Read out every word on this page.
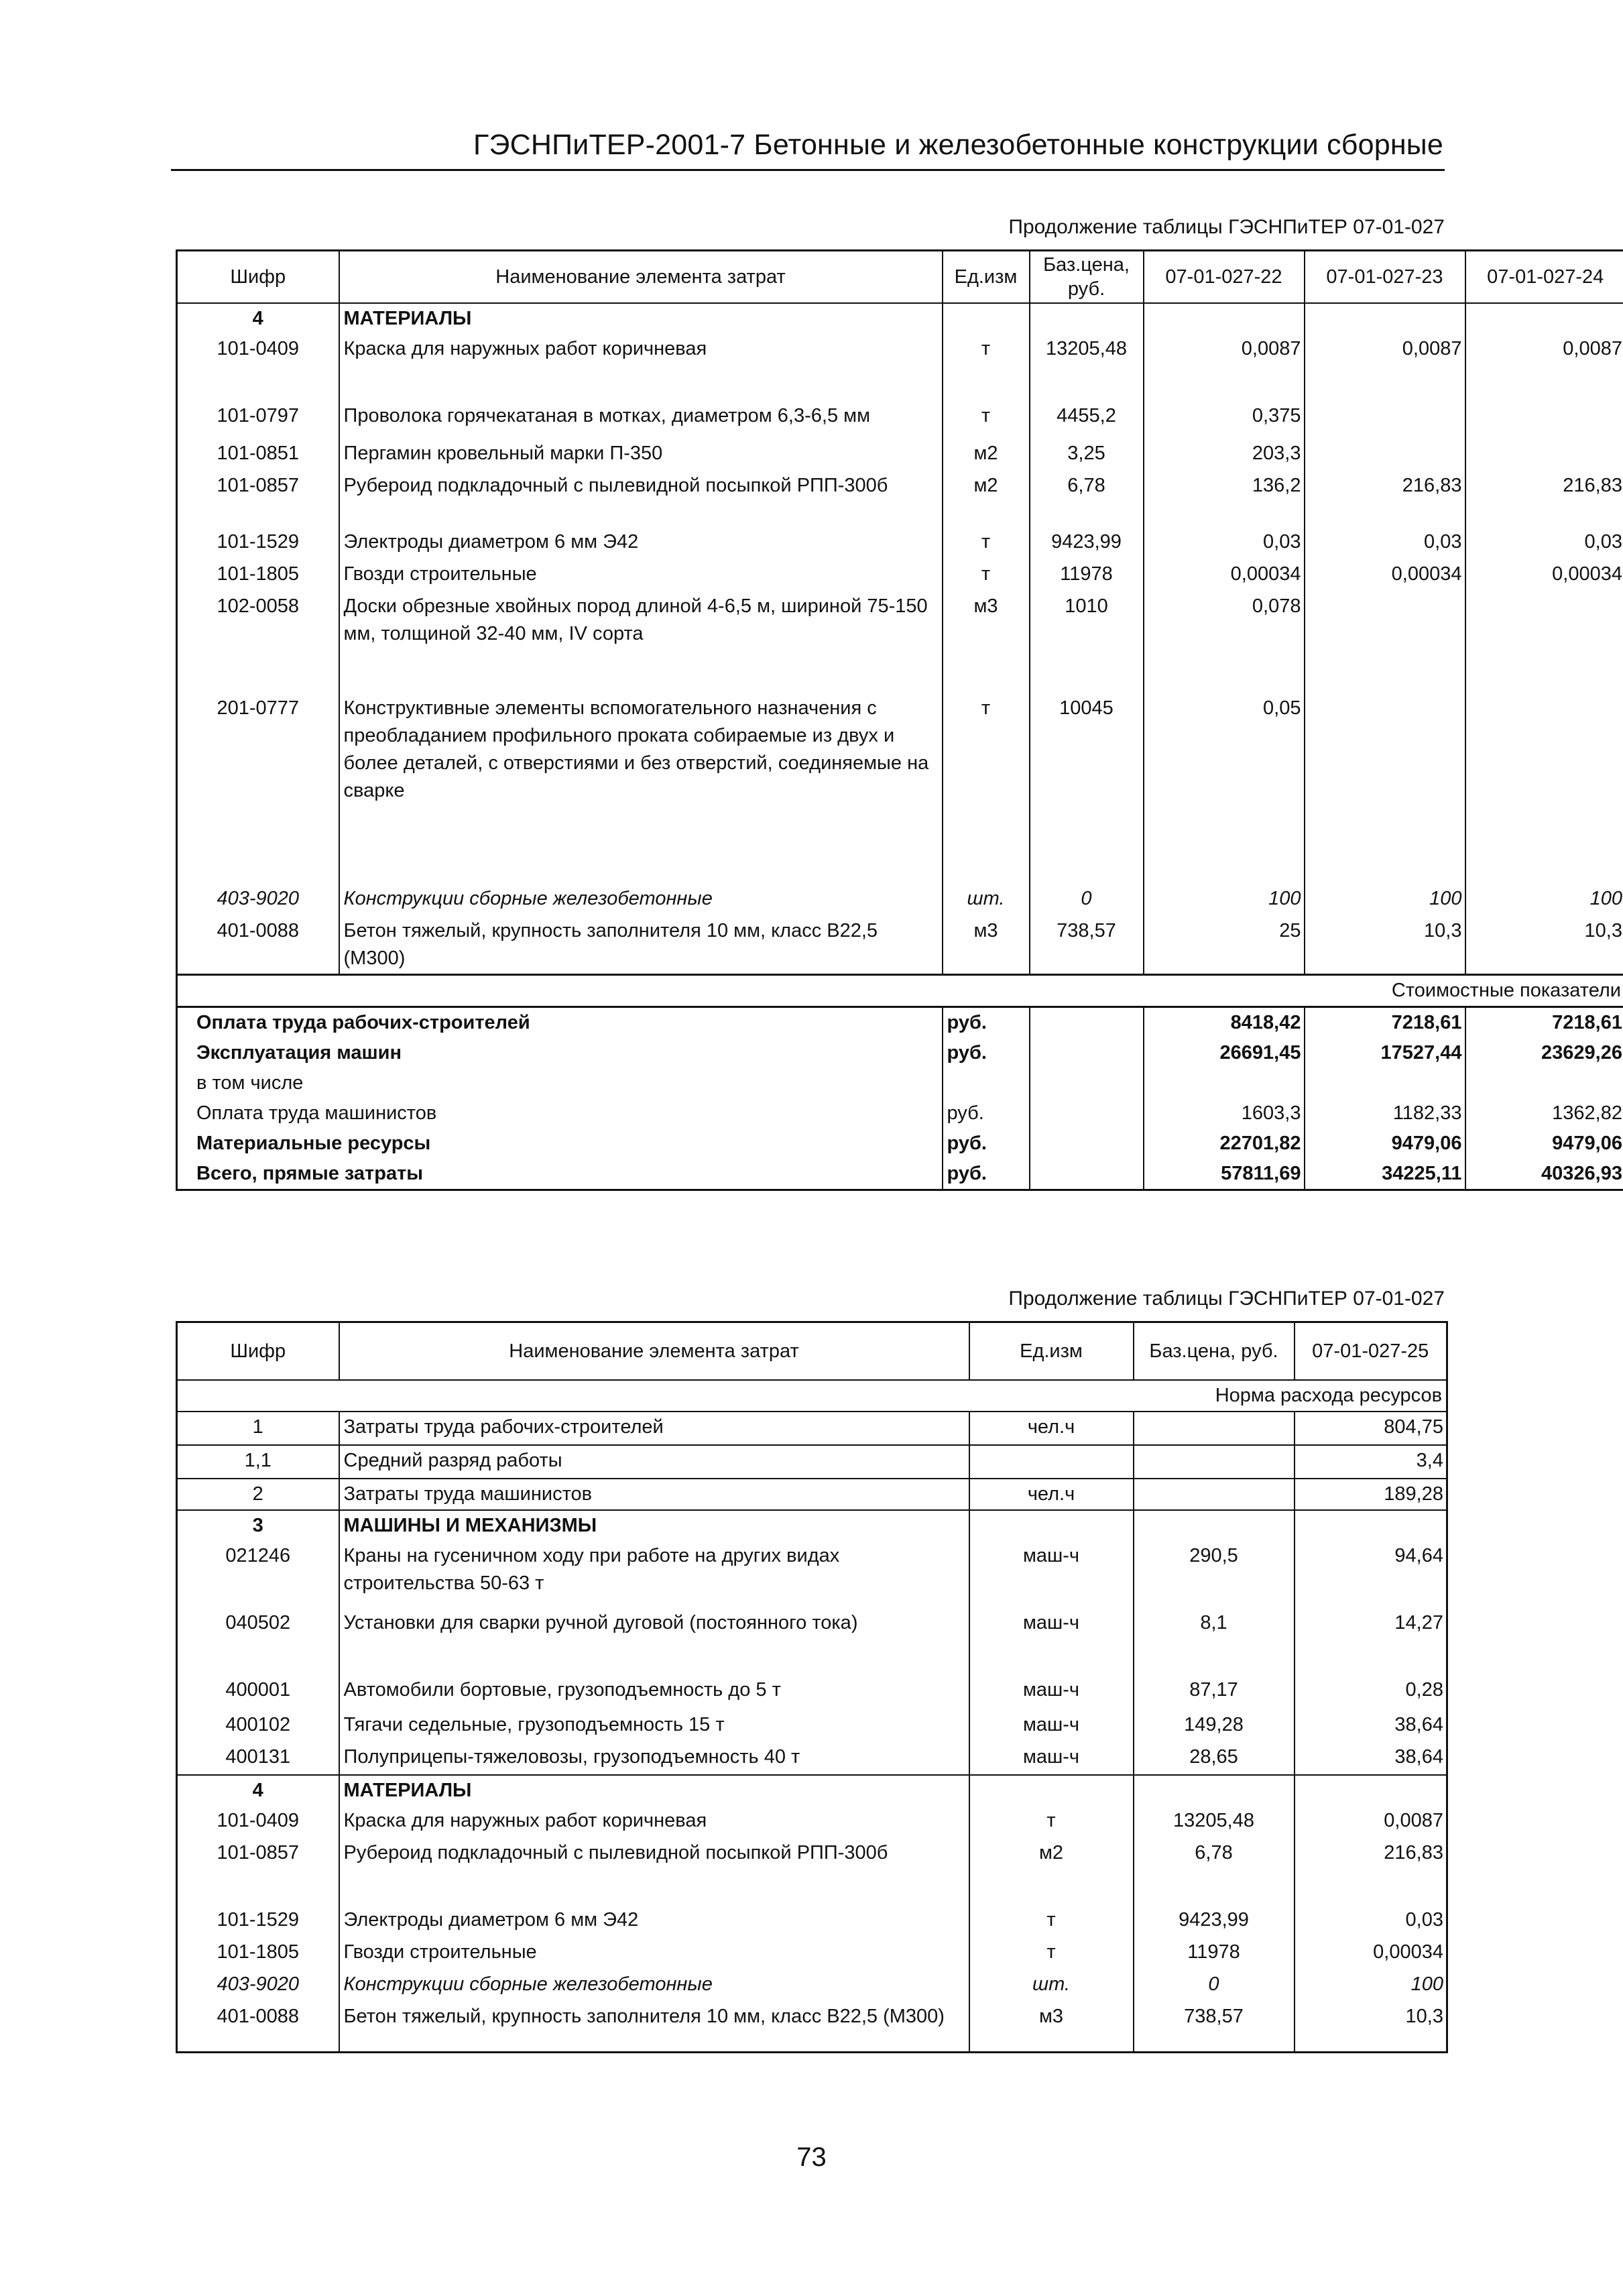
ГЭСНПиТЕР-2001-7 Бетонные и железобетонные конструкции сборные
Продолжение таблицы ГЭСНПиТЕР 07-01-027
Шифр	Наименование элемента затрат	Ед.изм	Баз.цена, руб.	07-01-027-22	07-01-027-23	07-01-027-24
4	МАТЕРИАЛЫ					
101-0409	Краска для наружных работ коричневая	т	13205,48	0,0087	0,0087	0,0087
101-0797	Проволока горячекатаная в мотках, диаметром 6,3-6,5 мм	т	4455,2	0,375		
101-0851	Пергамин кровельный марки П-350	м2	3,25	203,3		
101-0857	Рубероид подкладочный с пылевидной посыпкой РПП-300б	м2	6,78	136,2	216,83	216,83
101-1529	Электроды диаметром 6 мм Э42	т	9423,99	0,03	0,03	0,03
101-1805	Гвозди строительные	т	11978	0,00034	0,00034	0,00034
102-0058	Доски обрезные хвойных пород длиной 4-6,5 м, шириной 75-150 мм, толщиной 32-40 мм, IV сорта	м3	1010	0,078		
201-0777	Конструктивные элементы вспомогательного назначения с преобладанием профильного проката собираемые из двух и более деталей, с отверстиями и без отверстий, соединяемые на сварке	т	10045	0,05		
403-9020	Конструкции сборные железобетонные	шт.	0	100	100	100
401-0088	Бетон тяжелый, крупность заполнителя 10 мм, класс В22,5 (М300)	м3	738,57	25	10,3	10,3
Стоимостные показатели						
Оплата труда рабочих-строителей		руб.		8418,42	7218,61	7218,61
Эксплуатация машин		руб.		26691,45	17527,44	23629,26
в том числе						
Оплата труда машинистов		руб.		1603,3	1182,33	1362,82
Материальные ресурсы		руб.		22701,82	9479,06	9479,06
Всего, прямые затраты		руб.		57811,69	34225,11	40326,93
Продолжение таблицы ГЭСНПиТЕР 07-01-027
Шифр	Наименование элемента затрат	Ед.изм	Баз.цена, руб.	07-01-027-25
Норма расхода ресурсов				
1	Затраты труда рабочих-строителей	чел.ч		804,75
1,1	Средний разряд работы			3,4
2	Затраты труда машинистов	чел.ч		189,28
3	МАШИНЫ И МЕХАНИЗМЫ			
021246	Краны на гусеничном ходу при работе на других видах строительства 50-63 т	маш-ч	290,5	94,64
040502	Установки для сварки ручной дуговой (постоянного тока)	маш-ч	8,1	14,27
400001	Автомобили бортовые, грузоподъемность до 5 т	маш-ч	87,17	0,28
400102	Тягачи седельные, грузоподъемность 15 т	маш-ч	149,28	38,64
400131	Полуприцепы-тяжеловозы, грузоподъемность 40 т	маш-ч	28,65	38,64
4	МАТЕРИАЛЫ			
101-0409	Краска для наружных работ коричневая	т	13205,48	0,0087
101-0857	Рубероид подкладочный с пылевидной посыпкой РПП-300б	м2	6,78	216,83
101-1529	Электроды диаметром 6 мм Э42	т	9423,99	0,03
101-1805	Гвозди строительные	т	11978	0,00034
403-9020	Конструкции сборные железобетонные	шт.	0	100
401-0088	Бетон тяжелый, крупность заполнителя 10 мм, класс В22,5 (М300)	м3	738,57	10,3
73
